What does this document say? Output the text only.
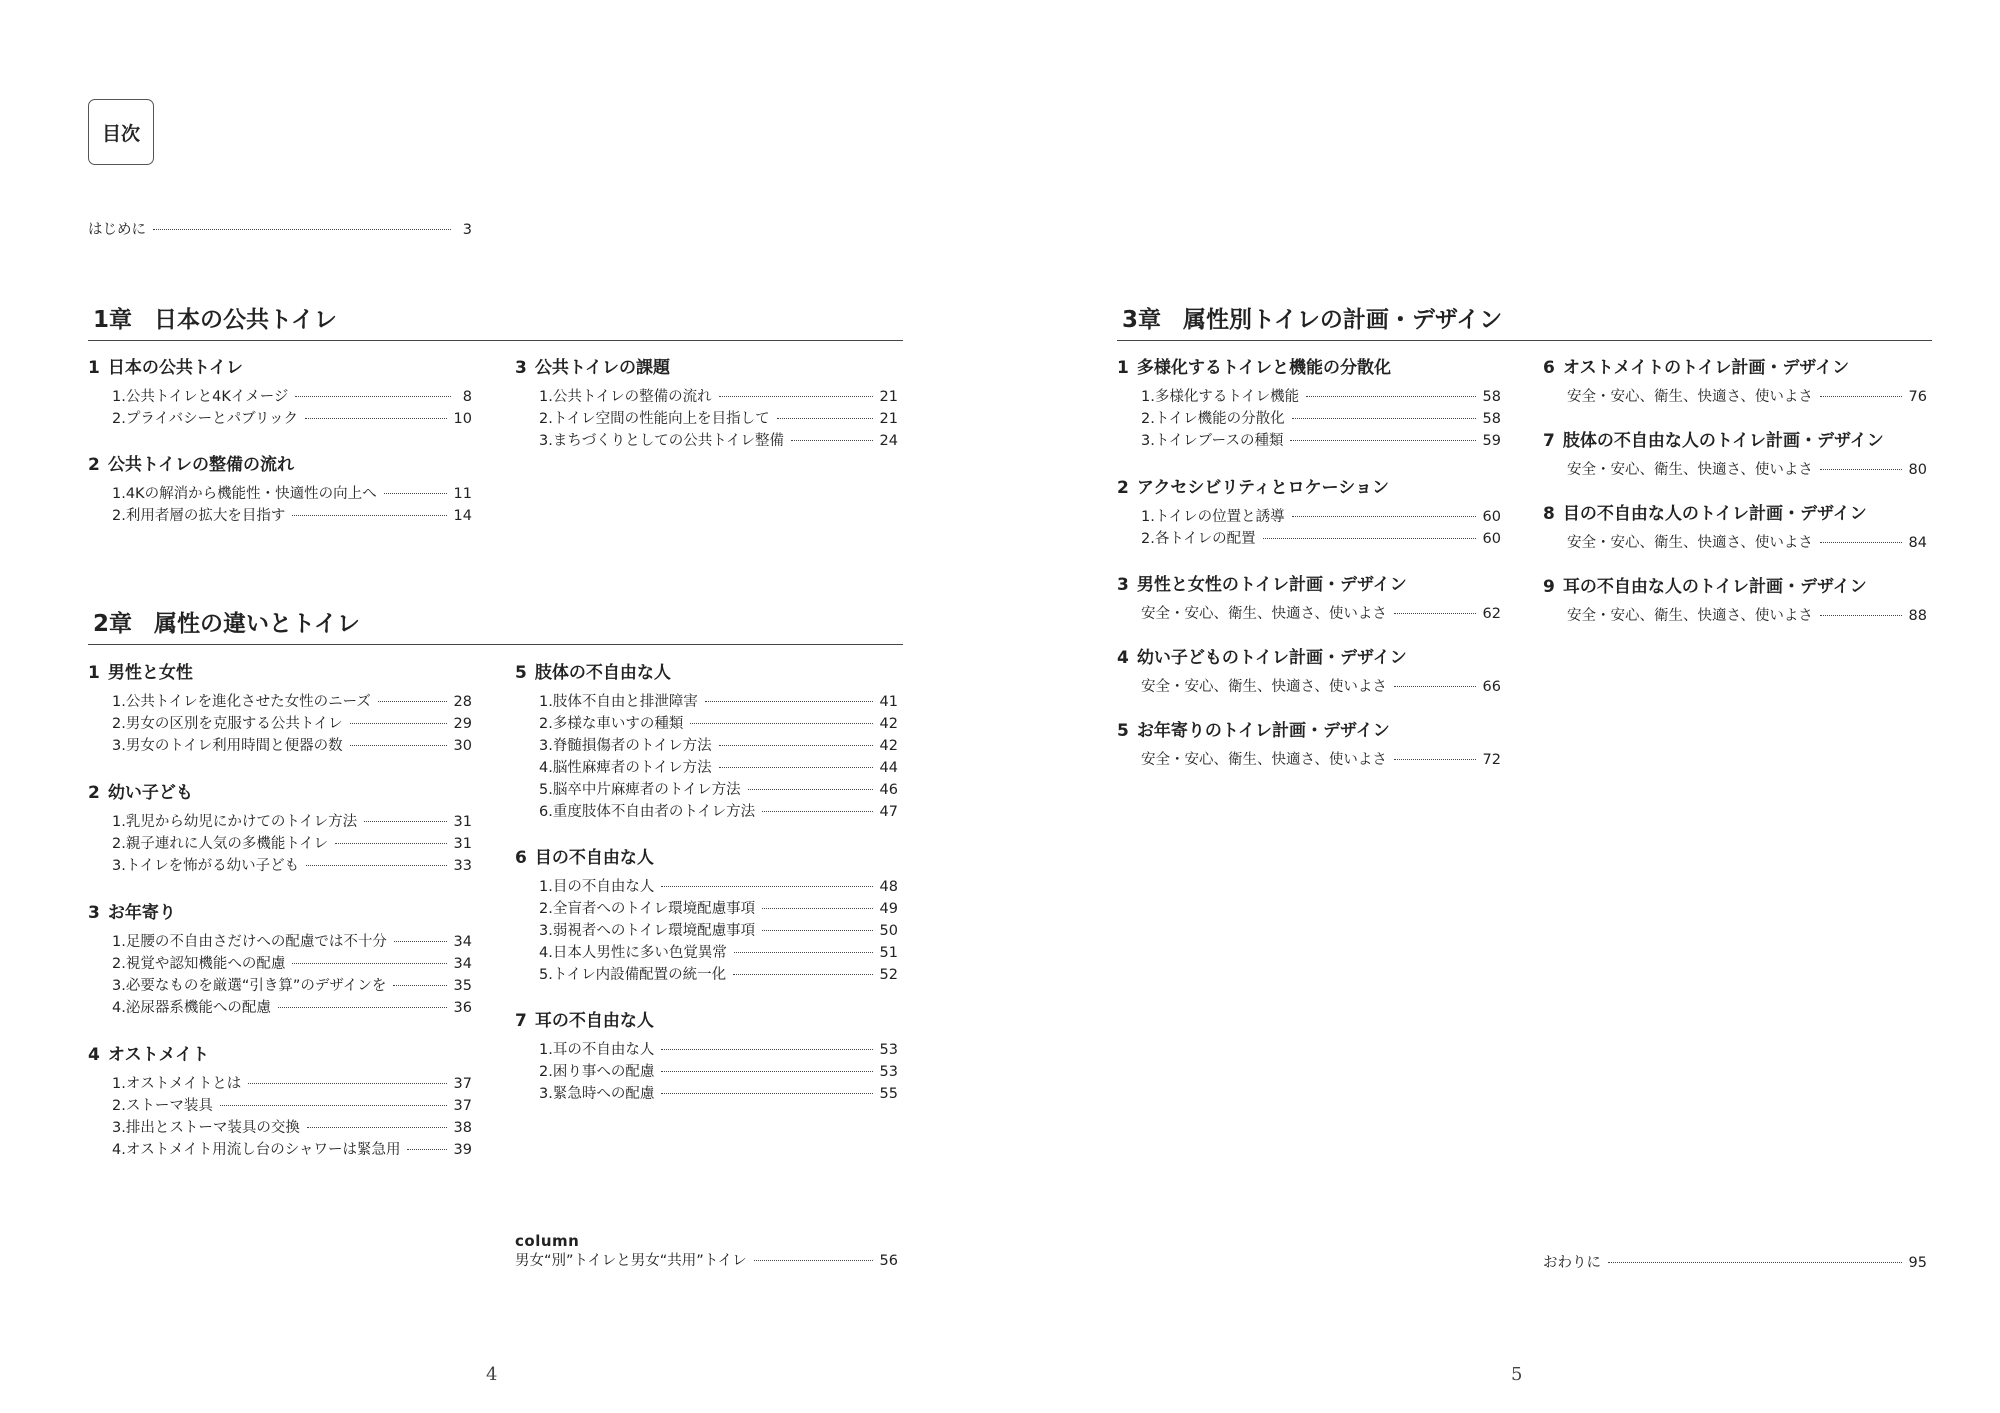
目次
はじめに	3
1章 日本の公共トイレ
1 日本の公共トイレ
1.公共トイレと4Kイメージ	8
2.プライバシーとパブリック	10
2 公共トイレの整備の流れ
1.4Kの解消から機能性・快適性の向上へ	11
2.利用者層の拡大を目指す	14
3 公共トイレの課題
1.公共トイレの整備の流れ	21
2.トイレ空間の性能向上を目指して	21
3.まちづくりとしての公共トイレ整備	24
2章 属性の違いとトイレ
1 男性と女性
1.公共トイレを進化させた女性のニーズ	28
2.男女の区別を克服する公共トイレ	29
3.男女のトイレ利用時間と便器の数	30
2 幼い子ども
1.乳児から幼児にかけてのトイレ方法	31
2.親子連れに人気の多機能トイレ	31
3.トイレを怖がる幼い子ども	33
3 お年寄り
1.足腰の不自由さだけへの配慮では不十分	34
2.視覚や認知機能への配慮	34
3.必要なものを厳選“引き算”のデザインを	35
4.泌尿器系機能への配慮	36
4 オストメイト
1.オストメイトとは	37
2.ストーマ装具	37
3.排出とストーマ装具の交換	38
4.オストメイト用流し台のシャワーは緊急用	39
5 肢体の不自由な人
1.肢体不自由と排泄障害	41
2.多様な車いすの種類	42
3.脊髄損傷者のトイレ方法	42
4.脳性麻痺者のトイレ方法	44
5.脳卒中片麻痺者のトイレ方法	46
6.重度肢体不自由者のトイレ方法	47
6 目の不自由な人
1.目の不自由な人	48
2.全盲者へのトイレ環境配慮事項	49
3.弱視者へのトイレ環境配慮事項	50
4.日本人男性に多い色覚異常	51
5.トイレ内設備配置の統一化	52
7 耳の不自由な人
1.耳の不自由な人	53
2.困り事への配慮	53
3.緊急時への配慮	55
column
男女“別”トイレと男女“共用”トイレ	56
4
3章 属性別トイレの計画・デザイン
1 多様化するトイレと機能の分散化
1.多様化するトイレ機能	58
2.トイレ機能の分散化	58
3.トイレブースの種類	59
2 アクセシビリティとロケーション
1.トイレの位置と誘導	60
2.各トイレの配置	60
3 男性と女性のトイレ計画・デザイン
安全・安心、衛生、快適さ、使いよさ	62
4 幼い子どものトイレ計画・デザイン
安全・安心、衛生、快適さ、使いよさ	66
5 お年寄りのトイレ計画・デザイン
安全・安心、衛生、快適さ、使いよさ	72
6 オストメイトのトイレ計画・デザイン
安全・安心、衛生、快適さ、使いよさ	76
7 肢体の不自由な人のトイレ計画・デザイン
安全・安心、衛生、快適さ、使いよさ	80
8 目の不自由な人のトイレ計画・デザイン
安全・安心、衛生、快適さ、使いよさ	84
9 耳の不自由な人のトイレ計画・デザイン
安全・安心、衛生、快適さ、使いよさ	88
おわりに	95
5
